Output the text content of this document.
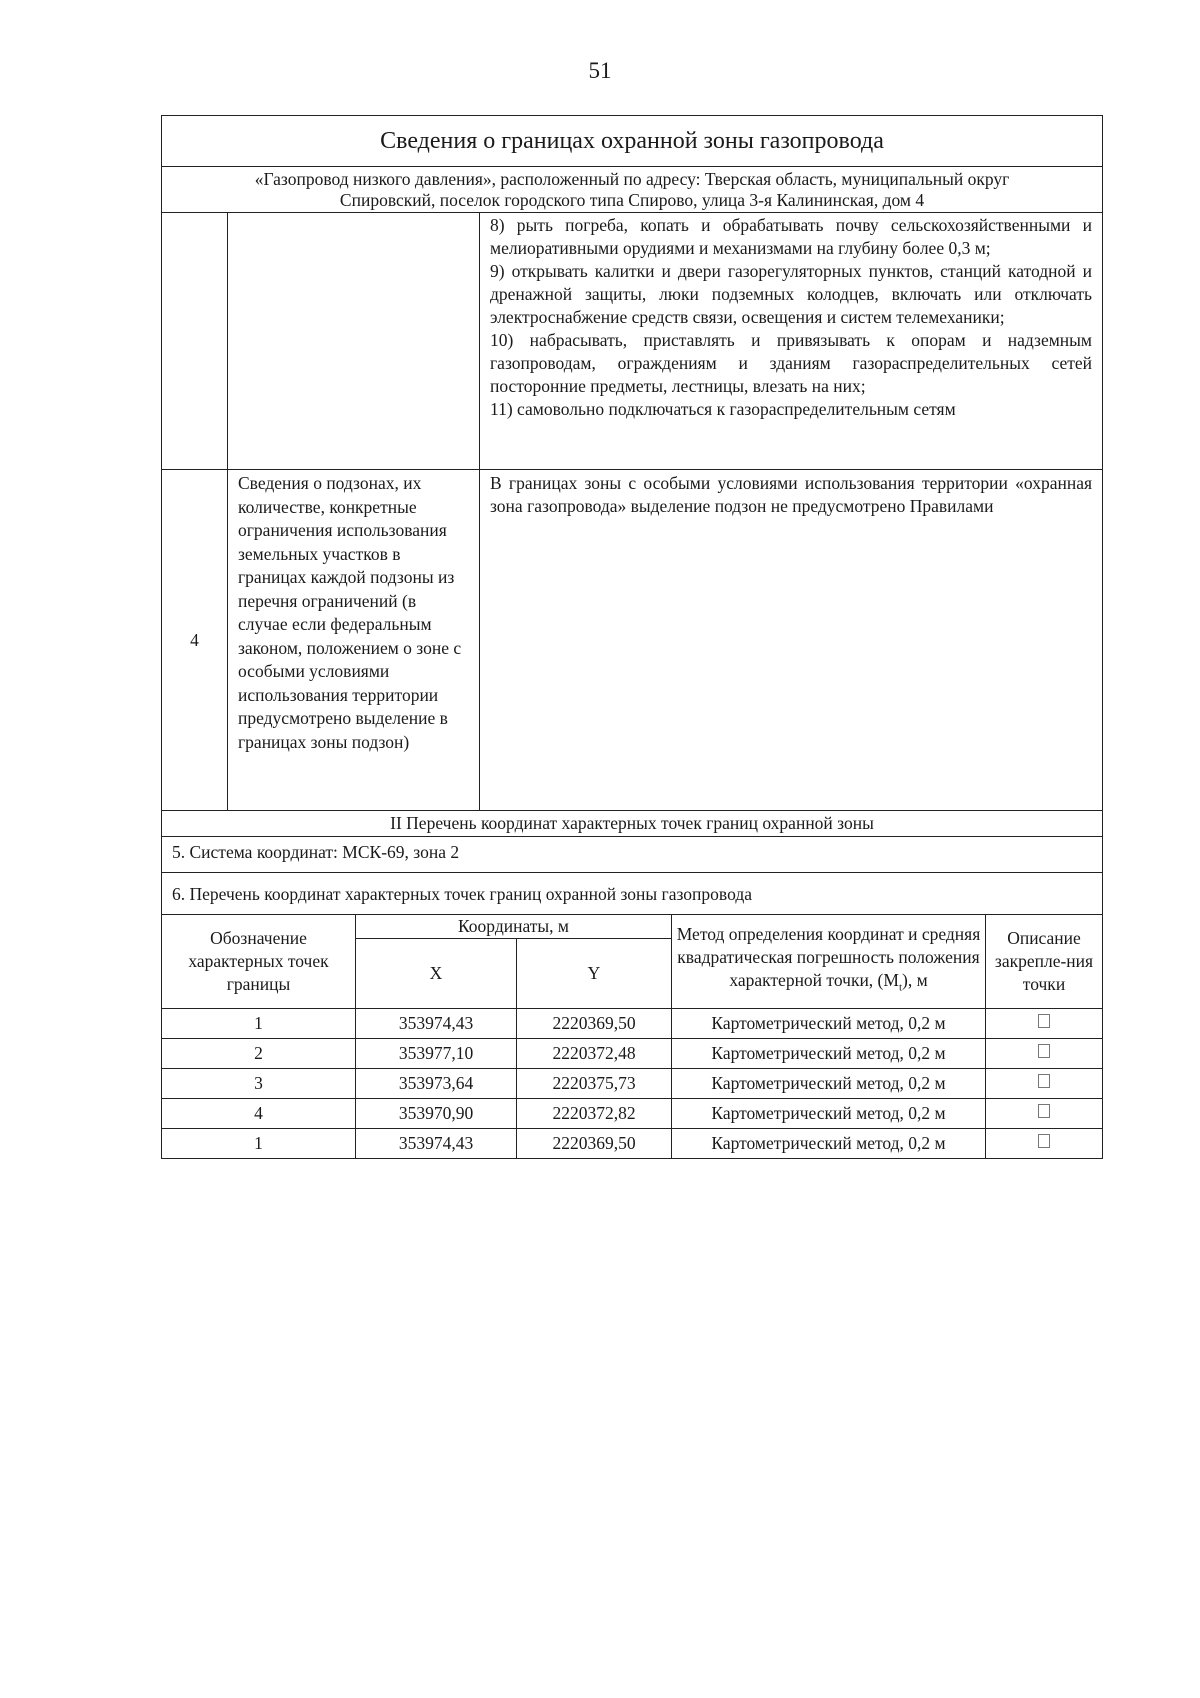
51
Сведения о границах охранной зоны газопровода		

«Газопровод низкого давления», расположенный по адресу: Тверская область, муниципальный округ
Спировский, поселок городского типа Спирово, улица 3-я Калининская, дом 4		

		8) рыть погреба, копать и обрабатывать почву сельскохозяйственными и мелиоративными орудиями и механизмами на глубину более 0,3 м;
9) открывать калитки и двери газорегуляторных пунктов, станций катодной и дренажной защиты, люки подземных колодцев, включать или отключать электроснабжение средств связи, освещения и систем телемеханики;
10) набрасывать, приставлять и привязывать к опорам и надземным газопроводам, ограждениям и зданиям газораспределительных сетей посторонние предметы, лестницы, влезать на них;
11) самовольно подключаться к газораспределительным сетям

4	Сведения о подзонах, их количестве, конкретные ограничения использования земельных участков в границах каждой подзоны из перечня ограничений (в случае если федеральным законом, положением о зоне с особыми условиями использования территории предусмотрено выделение в границах зоны подзон)	В границах зоны с особыми условиями использования территории «охранная зона газопровода» выделение подзон не предусмотрено Правилами
II Перечень координат характерных точек границ охранной зоны		
5. Система координат: МСК-69, зона 2		
6. Перечень координат характерных точек границ охранной зоны газопровода		
Обозначение характерных точек границы	Координаты, м		Метод определения координат и средняя квадратическая погрешность положения характерной точки, $(M_t)$, м	Описание закрепле-ния точки
	X	Y		
1	353974,43	2220369,50	Картометрический метод, 0,2 м	
2	353977,10	2220372,48	Картометрический метод, 0,2 м	
3	353973,64	2220375,73	Картометрический метод, 0,2 м	
4	353970,90	2220372,82	Картометрический метод, 0,2 м	
1	353974,43	2220369,50	Картометрический метод, 0,2 м	
